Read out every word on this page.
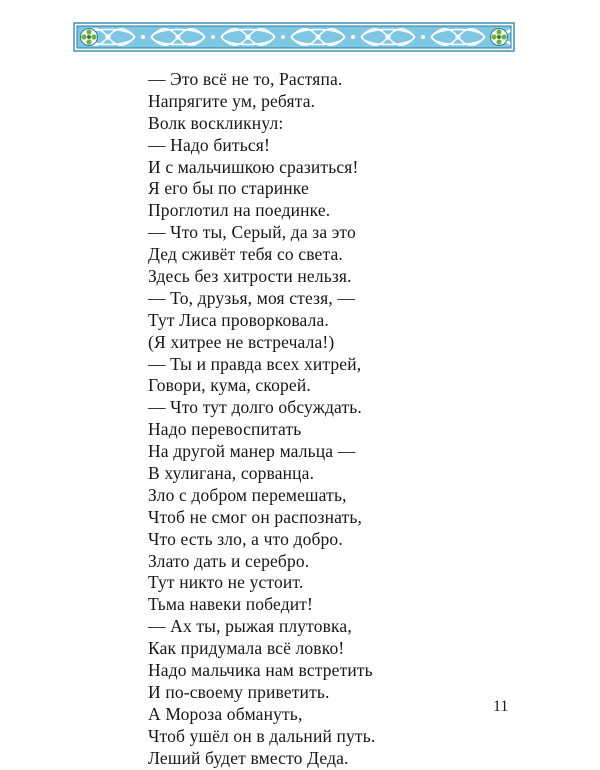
— Это всё не то, Растяпа.
Напрягите ум, ребята.
Волк воскликнул:
— Надо биться!
И с мальчишкою сразиться!
Я его бы по старинке
Проглотил на поединке.
— Что ты, Серый, да за это
Дед сживёт тебя со света.
Здесь без хитрости нельзя.
— То, друзья, моя стезя, —
Тут Лиса проворковала.
(Я хитрее не встречала!)
— Ты и правда всех хитрей,
Говори, кума, скорей.
— Что тут долго обсуждать.
Надо перевоспитать
На другой манер мальца —
В хулигана, сорванца.
Зло с добром перемешать,
Чтоб не смог он распознать,
Что есть зло, а что добро.
Злато дать и серебро.
Тут никто не устоит.
Тьма навеки победит!
— Ах ты, рыжая плутовка,
Как придумала всё ловко!
Надо мальчика нам встретить
И по-своему приветить.
А Мороза обмануть,
Чтоб ушёл он в дальний путь.
Леший будет вместо Деда.
11
